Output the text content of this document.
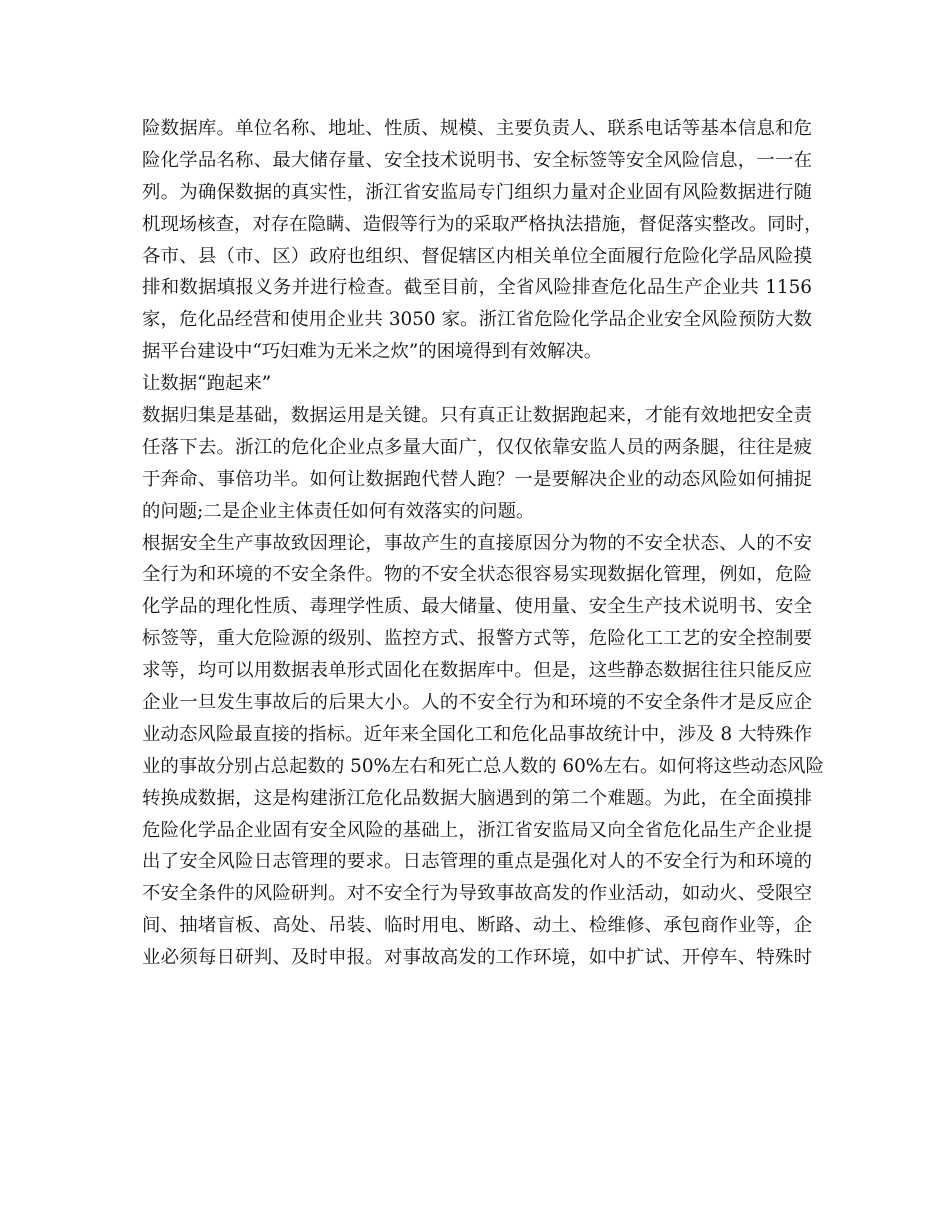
险数据库。单位名称、地址、性质、规模、主要负责人、联系电话等基本信息和危
险化学品名称、最大储存量、安全技术说明书、安全标签等安全风险信息，一一在
列。为确保数据的真实性，浙江省安监局专门组织力量对企业固有风险数据进行随
机现场核查，对存在隐瞒、造假等行为的采取严格执法措施，督促落实整改。同时，
各市、县（市、区）政府也组织、督促辖区内相关单位全面履行危险化学品风险摸
排和数据填报义务并进行检查。截至目前，全省风险排查危化品生产企业共 1156
家，危化品经营和使用企业共 3050 家。浙江省危险化学品企业安全风险预防大数
据平台建设中“巧妇难为无米之炊”的困境得到有效解决。
让数据“跑起来”
数据归集是基础，数据运用是关键。只有真正让数据跑起来，才能有效地把安全责
任落下去。浙江的危化企业点多量大面广，仅仅依靠安监人员的两条腿，往往是疲
于奔命、事倍功半。如何让数据跑代替人跑？一是要解决企业的动态风险如何捕捉
的问题;二是企业主体责任如何有效落实的问题。
根据安全生产事故致因理论，事故产生的直接原因分为物的不安全状态、人的不安
全行为和环境的不安全条件。物的不安全状态很容易实现数据化管理，例如，危险
化学品的理化性质、毒理学性质、最大储量、使用量、安全生产技术说明书、安全
标签等，重大危险源的级别、监控方式、报警方式等，危险化工工艺的安全控制要
求等，均可以用数据表单形式固化在数据库中。但是，这些静态数据往往只能反应
企业一旦发生事故后的后果大小。人的不安全行为和环境的不安全条件才是反应企
业动态风险最直接的指标。近年来全国化工和危化品事故统计中，涉及 8 大特殊作
业的事故分别占总起数的 50%左右和死亡总人数的 60%左右。如何将这些动态风险
转换成数据，这是构建浙江危化品数据大脑遇到的第二个难题。为此，在全面摸排
危险化学品企业固有安全风险的基础上，浙江省安监局又向全省危化品生产企业提
出了安全风险日志管理的要求。日志管理的重点是强化对人的不安全行为和环境的
不安全条件的风险研判。对不安全行为导致事故高发的作业活动，如动火、受限空
间、抽堵盲板、高处、吊装、临时用电、断路、动土、检维修、承包商作业等，企
业必须每日研判、及时申报。对事故高发的工作环境，如中扩试、开停车、特殊时
